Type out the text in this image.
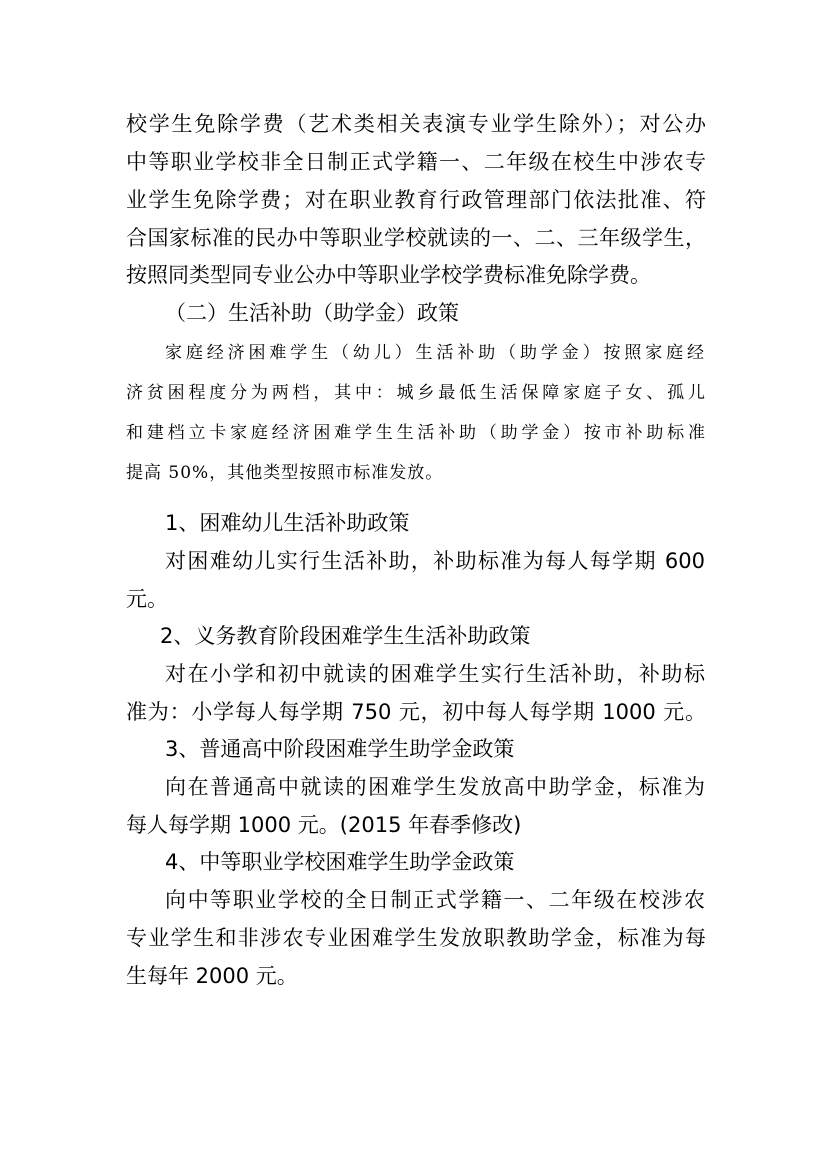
校学生免除学费（艺术类相关表演专业学生除外）；对公办
中等职业学校非全日制正式学籍一、二年级在校生中涉农专
业学生免除学费；对在职业教育行政管理部门依法批准、符
合国家标准的民办中等职业学校就读的一、二、三年级学生，
按照同类型同专业公办中等职业学校学费标准免除学费。
（二）生活补助（助学金）政策
家庭经济困难学生（幼儿）生活补助（助学金）按照家庭经
济贫困程度分为两档，其中：城乡最低生活保障家庭子女、孤儿
和建档立卡家庭经济困难学生生活补助（助学金）按市补助标准
提高 50%，其他类型按照市标准发放。
1、困难幼儿生活补助政策
对困难幼儿实行生活补助，补助标准为每人每学期 600
元。
2、义务教育阶段困难学生生活补助政策
对在小学和初中就读的困难学生实行生活补助，补助标
准为：小学每人每学期 750 元，初中每人每学期 1000 元。
3、普通高中阶段困难学生助学金政策
向在普通高中就读的困难学生发放高中助学金，标准为
每人每学期 1000 元。(2015 年春季修改)
4、中等职业学校困难学生助学金政策
向中等职业学校的全日制正式学籍一、二年级在校涉农
专业学生和非涉农专业困难学生发放职教助学金，标准为每
生每年 2000 元。
